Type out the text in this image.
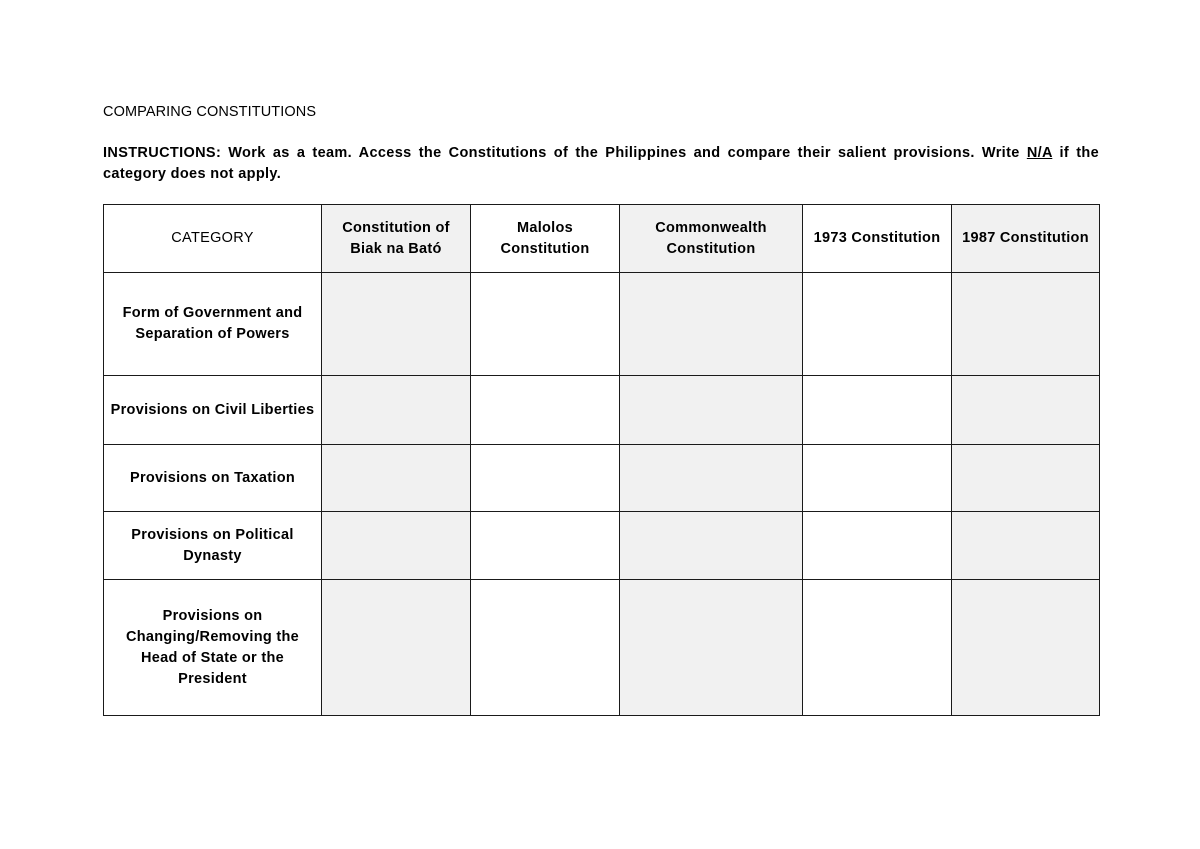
COMPARING CONSTITUTIONS
INSTRUCTIONS: Work as a team. Access the Constitutions of the Philippines and compare their salient provisions. Write N/A if the category does not apply.
CATEGORY	Constitution of Biak na Bató	Malolos Constitution	Commonwealth Constitution	1973 Constitution	1987 Constitution
Form of Government and Separation of Powers					
Provisions on Civil Liberties					
Provisions on Taxation					
Provisions on Political Dynasty					
Provisions on Changing/Removing the Head of State or the President					
